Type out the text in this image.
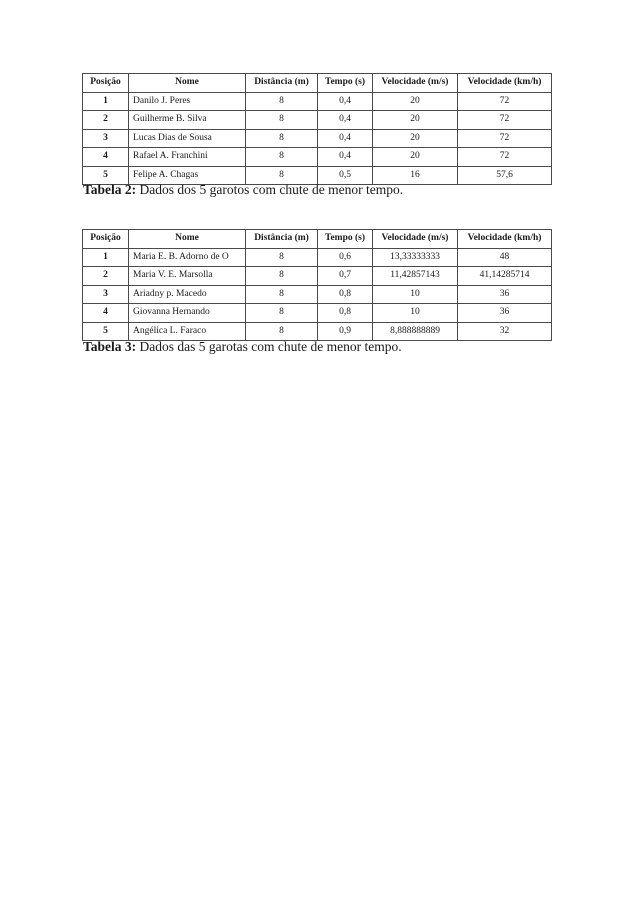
Posição	Nome	Distância (m)	Tempo (s)	Velocidade (m/s)	Velocidade (km/h)
1	Danilo J. Peres	8	0,4	20	72
2	Guilherme B. Silva	8	0,4	20	72
3	Lucas Dias de Sousa	8	0,4	20	72
4	Rafael A. Franchini	8	0,4	20	72
5	Felipe A. Chagas	8	0,5	16	57,6
Tabela 2: Dados dos 5 garotos com chute de menor tempo.
Posição	Nome	Distância (m)	Tempo (s)	Velocidade (m/s)	Velocidade (km/h)
1	Maria E. B. Adorno de O	8	0,6	13,33333333	48
2	Maria V. E. Marsolla	8	0,7	11,42857143	41,14285714
3	Ariadny p. Macedo	8	0,8	10	36
4	Giovanna Hernando	8	0,8	10	36
5	Angélica L. Faraco	8	0,9	8,888888889	32
Tabela 3: Dados das 5 garotas com chute de menor tempo.
